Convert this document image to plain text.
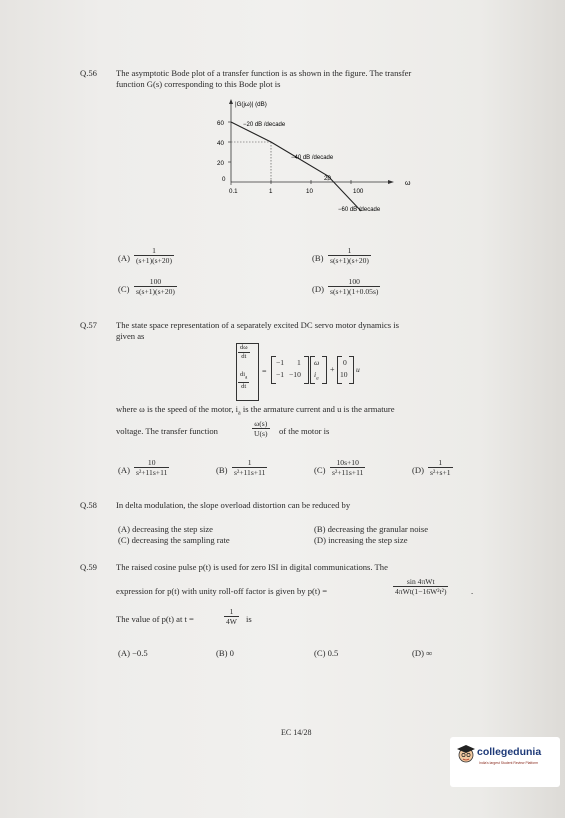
Q.56 The asymptotic Bode plot of a transfer function is as shown in the figure. The transfer
function G(s) corresponding to this Bode plot is
60
40
20
0
0.1	1	10	100
ω
20
|G(jω)| (dB)
−20 dB /decade
−40 dB /decade
−60 dB /decade
$(A) \frac{1}{(s+1)(s+20)}$	$(B) \frac{1}{s(s+1)(s+20)}$
$(C) \frac{100}{s(s+1)(s+20)}$	$(D) \frac{100}{s(s+1)(1+0.05s)}$
Q.57 The state space representation of a separately excited DC servo motor dynamics is
given as
$\frac{d\omega}{dt}$
$di_a$
dt
=
−1 1
−1 −10
ω
$i_a$
+
0
10
u
where ω is the speed of the motor, $i_a$ is the armature current and u is the armature
voltage. The transfer function	$\frac{\omega(s)}{U(s)}$ of the motor is
$(A) \frac{10}{\text{s²+11s+11}}$	$(B) \frac{1}{\text{s²+11s+11}}$	$(C) \frac{10s+10}{\text{s²+11s+11}}$	$(D) \frac{1}{\text{s²+s+1}}$
Q.58 In delta modulation, the slope overload distortion can be reduced by
(A) decreasing the step size	(B) decreasing the granular noise
(C) decreasing the sampling rate	(D) increasing the step size
Q.59 The raised cosine pulse p(t) is used for zero ISI in digital communications. The
expression for p(t) with unity roll-off factor is given by p(t) =
sin 4πWt
4πWt(1−16W²t²)	.
The value of p(t) at t =	$\frac{1}{4W}$ is
(A) −0.5	(B) 0	(C) 0.5	(D) ∞
EC 14/28
collegedunia
India's largest Student Review Platform
